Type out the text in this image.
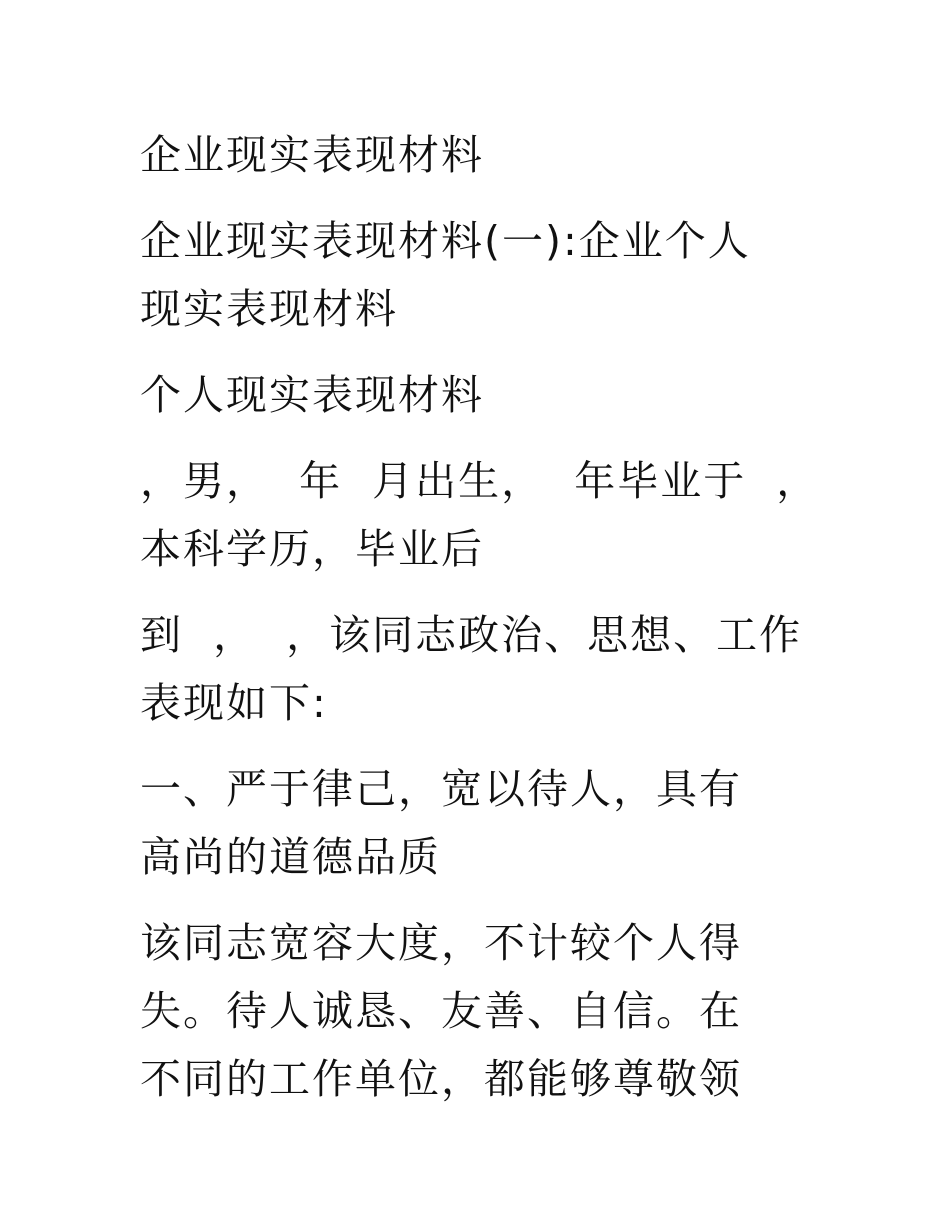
企业现实表现材料
企业现实表现材料(一):企业个人
现实表现材料
个人现实表现材料
，男，  年  月出生，  年毕业于  ，
本科学历，毕业后
到  ，  ，该同志政治、思想、工作
表现如下:
一、严于律己，宽以待人，具有
高尚的道德品质
该同志宽容大度，不计较个人得
失。待人诚恳、友善、自信。在
不同的工作单位，都能够尊敬领
